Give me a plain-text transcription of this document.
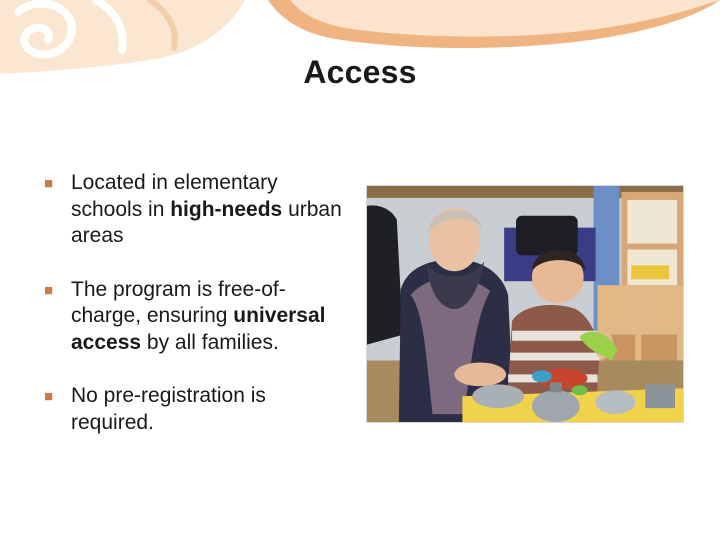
Access
■ Located in elementary schools in high-needs urban areas
■ The program is free-of-charge, ensuring universal access by all families.
■ No pre-registration is required.
